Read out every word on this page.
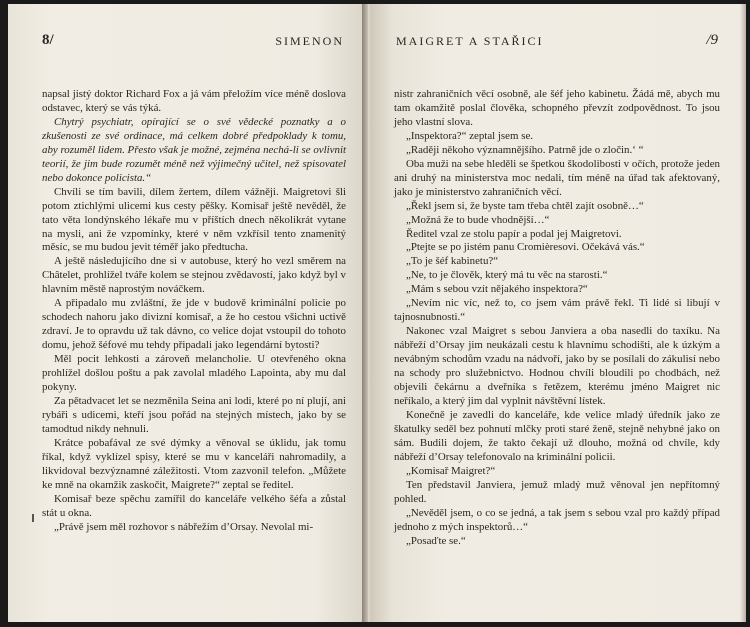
8/	SIMENON

napsal jistý doktor Richard Fox a já vám přeložím více méně doslova odstavec, který se vás týká.

Chytrý psychiatr, opírající se o své vědecké poznatky a o zkušenosti ze své ordinace, má celkem dobré předpoklady k tomu, aby rozuměl lidem. Přesto však je možné, zejména nechá-li se ovlivnit teorií, že jim bude rozumět méně než výjimečný učitel, než spisovatel nebo dokonce policista.“

Chvíli se tím bavili, dílem žertem, dílem vážněji. Maigretovi šli potom ztichlými ulicemi kus cesty pěšky. Komisař ještě nevěděl, že tato věta londýnského lékaře mu v příštích dnech několikrát vytane na mysli, ani že vzpomínky, které v něm vzkřísil tento znamenitý měsíc, se mu budou jevit téměř jako předtucha.

A ještě následujícího dne si v autobuse, který ho vezl směrem na Châtelet, prohlížel tváře kolem se stejnou zvědavostí, jako když byl v hlavním městě naprostým nováčkem.

A připadalo mu zvláštní, že jde v budově kriminální policie po schodech nahoru jako divizní komisař, a že ho cestou všichni uctivě zdraví. Je to opravdu už tak dávno, co velice dojat vstoupil do tohoto domu, jehož šéfové mu tehdy připadali jako legendární bytosti?

Měl pocit lehkosti a zároveň melancholie. U otevřeného okna prohlížel došlou poštu a pak zavolal mladého Lapointa, aby mu dal pokyny.

Za pětadvacet let se nezměnila Seina ani lodi, které po ní plují, ani rybáři s udicemi, kteří jsou pořád na stejných místech, jako by se tamodtud nikdy nehnuli.

Krátce pobafával ze své dýmky a věnoval se úklidu, jak tomu říkal, když vyklízel spisy, které se mu v kanceláři nahromadily, a likvidoval bezvýznamné záležitosti. Vtom zazvonil telefon. „Můžete ke mně na okamžik zaskočit, Maigrete?“ zeptal se ředitel.

Komisař beze spěchu zamířil do kanceláře velkého šéfa a zůstal stát u okna.

„Právě jsem měl rozhovor s nábřežím d’Orsay. Nevolal mi-

MAIGRET A STAŘICI	/9

nistr zahraničních věcí osobně, ale šéf jeho kabinetu. Žádá mě, abych mu tam okamžitě poslal člověka, schopného převzít zodpovědnost. To jsou jeho vlastní slova.

„Inspektora?“ zeptal jsem se.

„Raději někoho významnějšího. Patrně jde o zločin.‘ “

Oba muži na sebe hleděli se špetkou škodolibosti v očích, protože jeden ani druhý na ministerstva moc nedali, tím méně na úřad tak afektovaný, jako je ministerstvo zahraničních věcí.

„Řekl jsem si, že byste tam třeba chtěl zajít osobně…“

„Možná že to bude vhodnější…“

Ředitel vzal ze stolu papír a podal jej Maigretovi.

„Ptejte se po jistém panu Cromièresovi. Očekává vás.“

„To je šéf kabinetu?“

„Ne, to je člověk, který má tu věc na starosti.“

„Mám s sebou vzít nějakého inspektora?“

„Nevím nic víc, než to, co jsem vám právě řekl. Ti lidé si libují v tajnosnubnosti.“

Nakonec vzal Maigret s sebou Janviera a oba nasedli do taxíku. Na nábřeží d’Orsay jim neukázali cestu k hlavnímu schodišti, ale k úzkým a nevábným schodům vzadu na nádvoří, jako by se posílali do zákulisí nebo na schody pro služebnictvo. Hodnou chvíli bloudili po chodbách, než objevili čekárnu a dveřníka s řetězem, kterému jméno Maigret nic neříkalo, a který jim dal vyplnit návštěvní lístek.

Konečně je zavedli do kanceláře, kde velice mladý úředník jako ze škatulky seděl bez pohnutí mlčky proti staré ženě, stejně nehybné jako on sám. Budili dojem, že takto čekají už dlouho, možná od chvíle, kdy nábřeží d’Orsay telefonovalo na kriminální policii.

„Komisař Maigret?“

Ten představil Janviera, jemuž mladý muž věnoval jen nepřítomný pohled.

„Nevěděl jsem, o co se jedná, a tak jsem s sebou vzal pro každý případ jednoho z mých inspektorů…“

„Posaďte se.“
